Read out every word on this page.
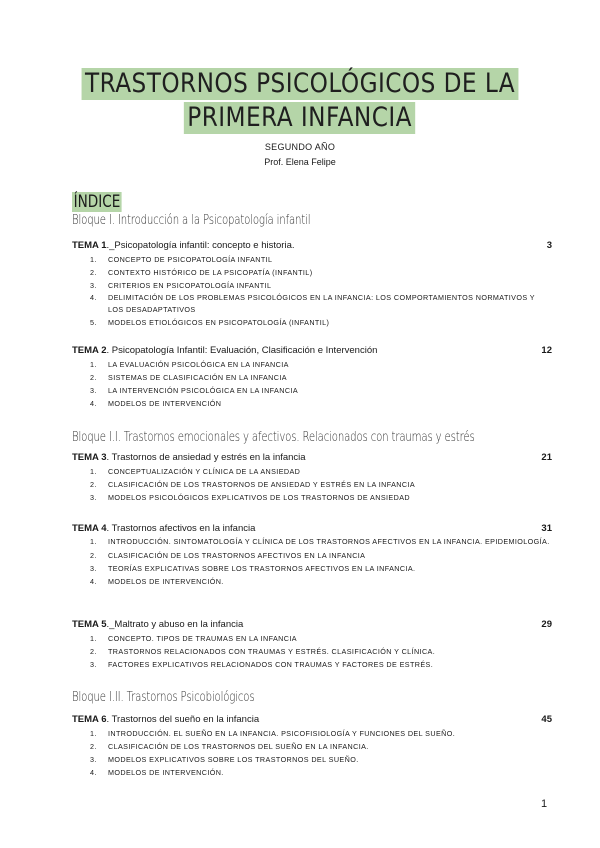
TRASTORNOS PSICOLÓGICOS DE LA
PRIMERA INFANCIA
SEGUNDO AÑO
Prof. Elena Felipe
ÍNDICE
Bloque I. Introducción a la Psicopatología infantil
TEMA 1._Psicopatología infantil: concepto e historia.	3
1. CONCEPTO DE PSICOPATOLOGÍA INFANTIL
2. CONTEXTO HISTÓRICO DE LA PSICOPATÍA (INFANTIL)
3. CRITERIOS EN PSICOPATOLOGÍA INFANTIL
4. DELIMITACIÓN DE LOS PROBLEMAS PSICOLÓGICOS EN LA INFANCIA: LOS COMPORTAMIENTOS NORMATIVOS Y LOS DESADAPTATIVOS
5. MODELOS ETIOLÓGICOS EN PSICOPATOLOGÍA (INFANTIL)
TEMA 2. Psicopatología Infantil: Evaluación, Clasificación e Intervención	12
1. LA EVALUACIÓN PSICOLÓGICA EN LA INFANCIA
2. SISTEMAS DE CLASIFICACIÓN EN LA INFANCIA
3. LA INTERVENCIÓN PSICOLÓGICA EN LA INFANCIA
4. MODELOS DE INTERVENCIÓN
Bloque I.I. Trastornos emocionales y afectivos. Relacionados con traumas y estrés
TEMA 3. Trastornos de ansiedad y estrés en la infancia	21
1. CONCEPTUALIZACIÓN Y CLÍNICA DE LA ANSIEDAD
2. CLASIFICACIÓN DE LOS TRASTORNOS DE ANSIEDAD Y ESTRÉS EN LA INFANCIA
3. MODELOS PSICOLÓGICOS EXPLICATIVOS DE LOS TRASTORNOS DE ANSIEDAD
TEMA 4. Trastornos afectivos en la infancia	31
1. INTRODUCCIÓN. SINTOMATOLOGÍA Y CLÍNICA DE LOS TRASTORNOS AFECTIVOS EN LA INFANCIA. EPIDEMIOLOGÍA.
2. CLASIFICACIÓN DE LOS TRASTORNOS AFECTIVOS EN LA INFANCIA
3. TEORÍAS EXPLICATIVAS SOBRE LOS TRASTORNOS AFECTIVOS EN LA INFANCIA.
4. MODELOS DE INTERVENCIÓN.
TEMA 5._Maltrato y abuso en la infancia	29
1. CONCEPTO. TIPOS DE TRAUMAS EN LA INFANCIA
2. TRASTORNOS RELACIONADOS CON TRAUMAS Y ESTRÉS. CLASIFICACIÓN Y CLÍNICA.
3. FACTORES EXPLICATIVOS RELACIONADOS CON TRAUMAS Y FACTORES DE ESTRÉS.
Bloque I.II. Trastornos Psicobiológicos
TEMA 6. Trastornos del sueño en la infancia	45
1. INTRODUCCIÓN. EL SUEÑO EN LA INFANCIA. PSICOFISIOLOGÍA Y FUNCIONES DEL SUEÑO.
2. CLASIFICACIÓN DE LOS TRASTORNOS DEL SUEÑO EN LA INFANCIA.
3. MODELOS EXPLICATIVOS SOBRE LOS TRASTORNOS DEL SUEÑO.
4. MODELOS DE INTERVENCIÓN.
1
